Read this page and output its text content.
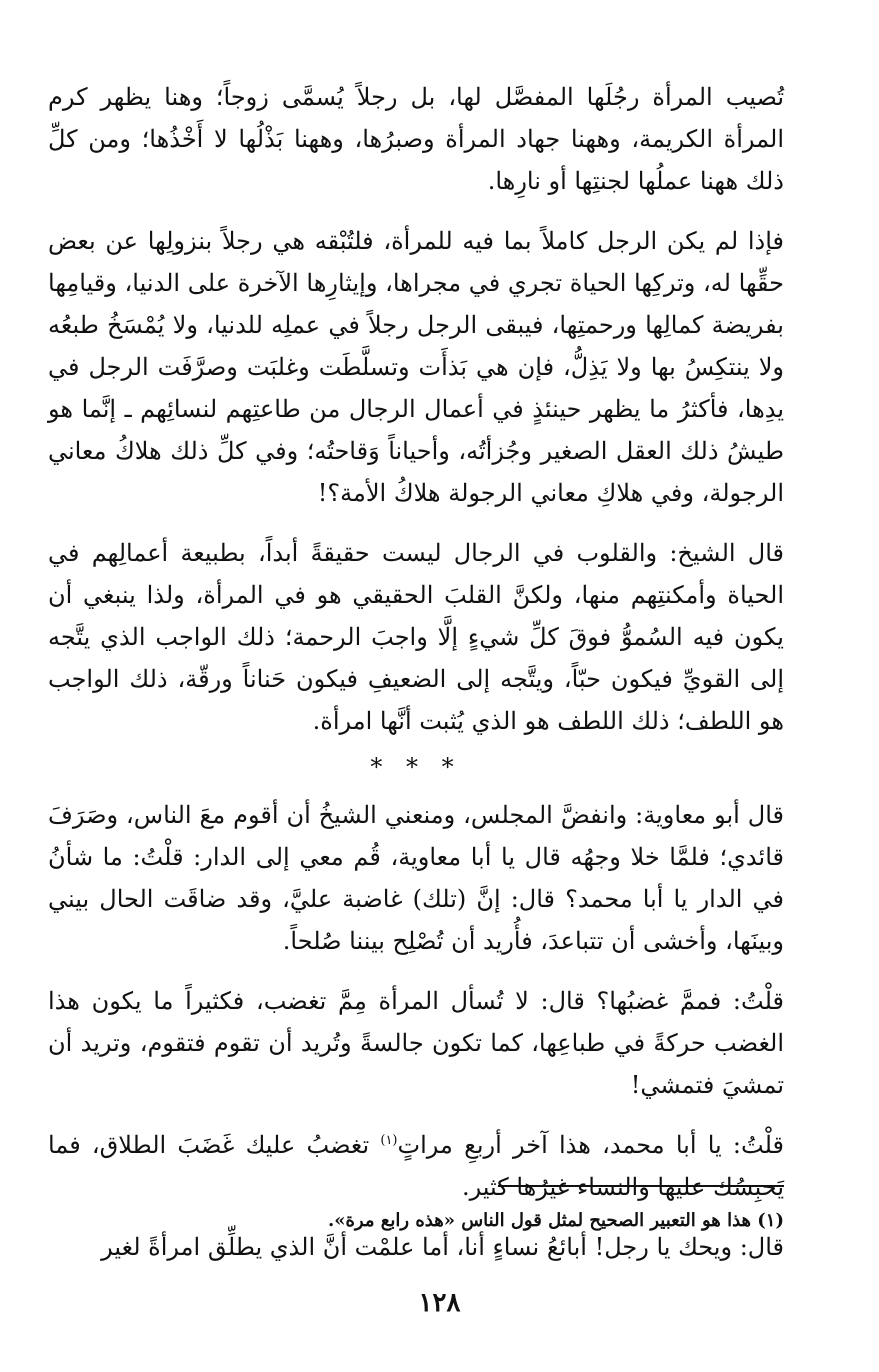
تُصيب المرأة رجُلَها المفصَّل لها، بل رجلاً يُسمَّى زوجاً؛ وهنا يظهر كرم المرأة الكريمة، وههنا جهاد المرأة وصبرُها، وههنا بَذْلُها لا أَخْذُها؛ ومن كلِّ ذلك ههنا عملُها لجنتِها أو نارِها.

فإذا لم يكن الرجل كاملاً بما فيه للمرأة، فلتُبْقه هي رجلاً بنزولِها عن بعض حقِّها له، وتركِها الحياة تجري في مجراها، وإيثارِها الآخرة على الدنيا، وقيامِها بفريضة كمالِها ورحمتِها، فيبقى الرجل رجلاً في عملِه للدنيا، ولا يُمْسَخُ طبعُه ولا ينتكِسُ بها ولا يَذِلُّ، فإن هي بَذأَت وتسلَّطَت وغلبَت وصرَّفَت الرجل في يدِها، فأكثرُ ما يظهر حينئذٍ في أعمال الرجال من طاعتِهم لنسائِهم ـ إنَّما هو طيشُ ذلك العقل الصغير وجُزأتُه، وأحياناً وَقاحتُه؛ وفي كلِّ ذلك هلاكُ معاني الرجولة، وفي هلاكِ معاني الرجولة هلاكُ الأمة؟!

قال الشيخ: والقلوب في الرجال ليست حقيقةً أبداً، بطبيعة أعمالِهم في الحياة وأمكنتِهم منها، ولكنَّ القلبَ الحقيقي هو في المرأة، ولذا ينبغي أن يكون فيه السُموُّ فوقَ كلِّ شيءٍ إلَّا واجبَ الرحمة؛ ذلك الواجب الذي يتَّجه إلى القويِّ فيكون حبّاً، ويتَّجه إلى الضعيفِ فيكون حَناناً ورقّة، ذلك الواجب هو اللطف؛ ذلك اللطف هو الذي يُثبت أنَّها امرأة.

* * *

قال أبو معاوية: وانفضَّ المجلس، ومنعني الشيخُ أن أقوم معَ الناس، وصَرَفَ قائدي؛ فلمَّا خلا وجهُه قال يا أبا معاوية، قُم معي إلى الدار: قلْتُ: ما شأنُ في الدار يا أبا محمد؟ قال: إنَّ (تلك) غاضبة عليَّ، وقد ضاقَت الحال بيني وبينَها، وأخشى أن تتباعدَ، فأُريد أن تُصْلِح بيننا صُلحاً.

قلْتُ: فممَّ غضبُها؟ قال: لا تُسأل المرأة مِمَّ تغضب، فكثيراً ما يكون هذا الغضب حركةً في طباعِها، كما تكون جالسةً وتُريد أن تقوم فتقوم، وتريد أن تمشيَ فتمشي!

قلْتُ: يا أبا محمد، هذا آخر أربعِ مراتٍ$^{(١)}$ تغضبُ عليك غَضَبَ الطلاق، فما يَحبِسُك عليها والنساء غيرُها كثير.

قال: ويحك يا رجل! أبائعُ نساءٍ أنا، أما علمْت أنَّ الذي يطلِّق امرأةً لغير

(١) هذا هو التعبير الصحيح لمثل قول الناس «هذه رابع مرة».
١٢٨
